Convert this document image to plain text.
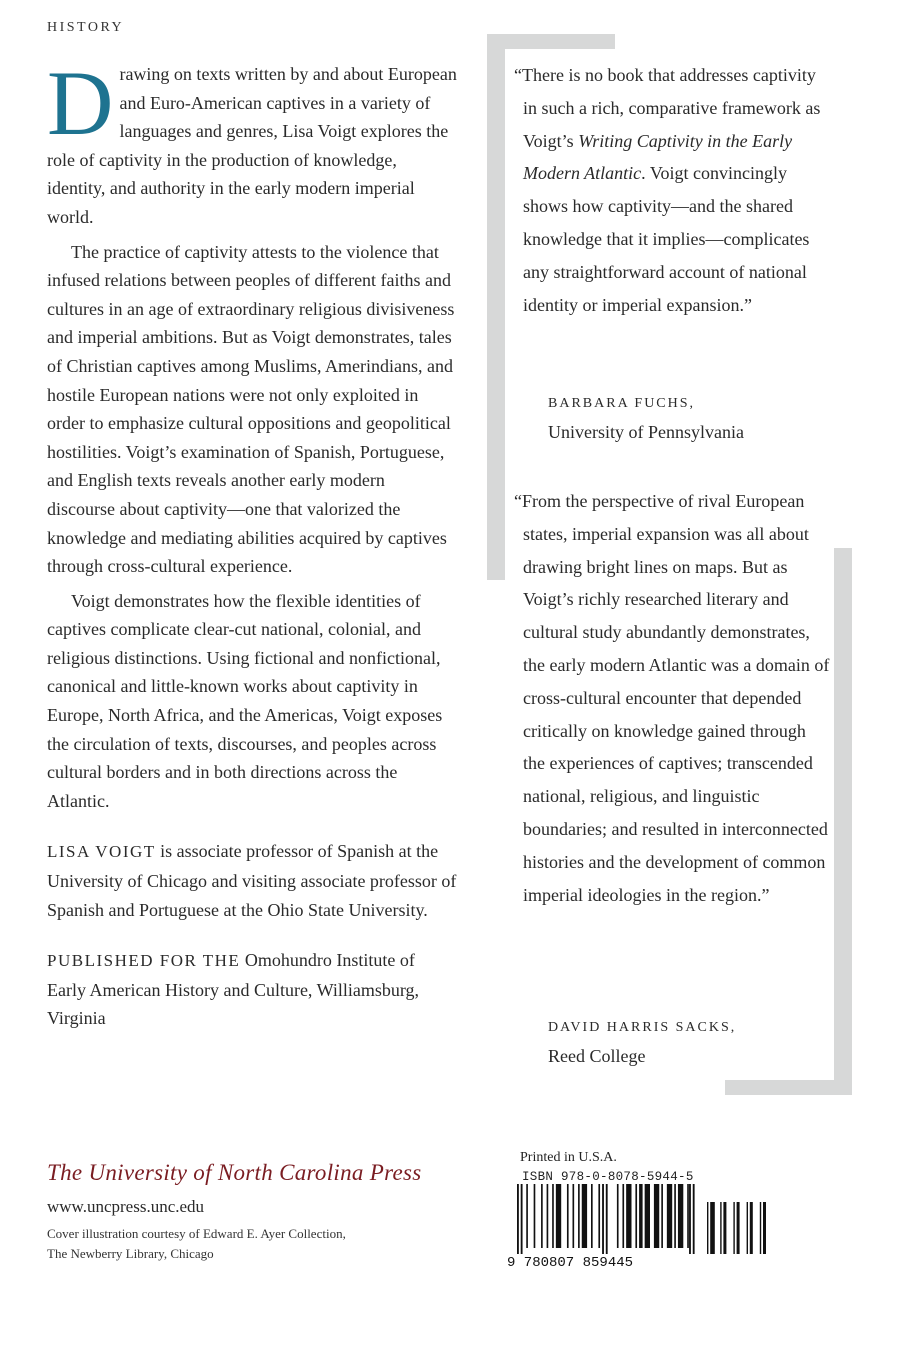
HISTORY

Drawing on texts written by and about European and Euro-American captives in a variety of languages and genres, Lisa Voigt explores the role of captivity in the production of knowledge, identity, and authority in the early modern imperial world.

The practice of captivity attests to the violence that infused relations between peoples of different faiths and cultures in an age of extraordinary religious divisiveness and imperial ambitions. But as Voigt demonstrates, tales of Christian captives among Muslims, Amerindians, and hostile European nations were not only exploited in order to emphasize cultural oppositions and geopolitical hostilities. Voigt’s examination of Spanish, Portuguese, and English texts reveals another early modern discourse about captivity—one that valorized the knowledge and mediating abilities acquired by captives through cross-cultural experience.

Voigt demonstrates how the flexible identities of captives complicate clear-cut national, colonial, and religious distinctions. Using fictional and nonfictional, canonical and little-known works about captivity in Europe, North Africa, and the Americas, Voigt exposes the circulation of texts, discourses, and peoples across cultural borders and in both directions across the Atlantic.

LISA VOIGT is associate professor of Spanish at the University of Chicago and visiting associate professor of Spanish and Portuguese at the Ohio State University.

PUBLISHED FOR THE Omohundro Institute of Early American History and Culture, Williamsburg, Virginia

The University of North Carolina Press
www.uncpress.unc.edu
Cover illustration courtesy of Edward E. Ayer Collection,
The Newberry Library, Chicago

“There is no book that addresses captivity in such a rich, comparative framework as Voigt’s Writing Captivity in the Early Modern Atlantic. Voigt convincingly shows how captivity—and the shared knowledge that it implies—complicates any straightforward account of national identity or imperial expansion.”

BARBARA FUCHS,
University of Pennsylvania

“From the perspective of rival European states, imperial expansion was all about drawing bright lines on maps. But as Voigt’s richly researched literary and cultural study abundantly demonstrates, the early modern Atlantic was a domain of cross-cultural encounter that depended critically on knowledge gained through the experiences of captives; transcended national, religious, and linguistic boundaries; and resulted in interconnected histories and the development of common imperial ideologies in the region.”

DAVID HARRIS SACKS,
Reed College
Printed in U.S.A.
ISBN 978-0-8078-5944-5
9 780807 859445
